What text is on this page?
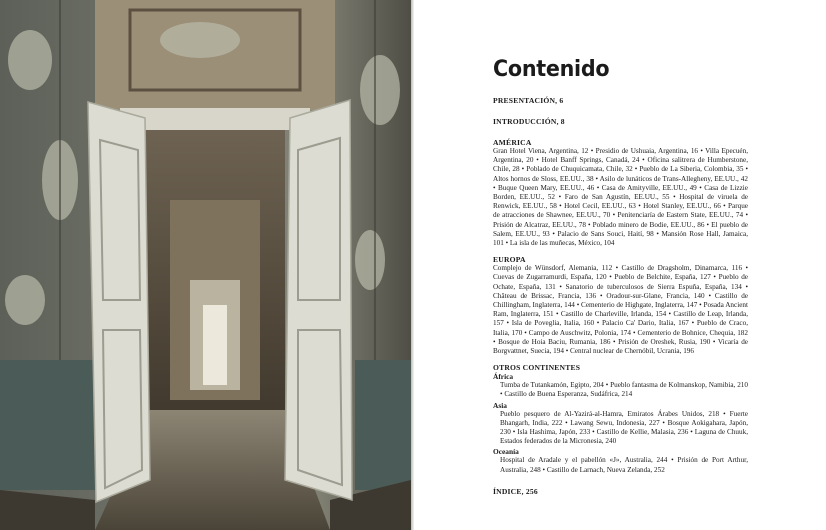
Contenido

PRESENTACIÓN, 6

INTRODUCCIÓN, 8

AMÉRICA

Gran Hotel Viena, Argentina, 12 • Presidio de Ushuaia, Argentina, 16 • Villa Epecuén, Argentina, 20 • Hotel Banff Springs, Canadá, 24 • Oficina salitrera de Humberstone, Chile, 28 • Poblado de Chuquicamata, Chile, 32 • Pueblo de La Siberia, Colombia, 35 • Altos hornos de Sloss, EE.UU., 38 • Asilo de lunáticos de Trans-Allegheny, EE.UU., 42 • Buque Queen Mary, EE.UU., 46 • Casa de Amityville, EE.UU., 49 • Casa de Lizzie Borden, EE.UU., 52 • Faro de San Agustín, EE.UU., 55 • Hospital de viruela de Renwick, EE.UU., 58 • Hotel Cecil, EE.UU., 63 • Hotel Stanley, EE.UU., 66 • Parque de atracciones de Shawnee, EE.UU., 70 • Penitenciaría de Eastern State, EE.UU., 74 • Prisión de Alcatraz, EE.UU., 78 • Poblado minero de Bodie, EE.UU., 86 • El pueblo de Salem, EE.UU., 93 • Palacio de Sans Souci, Haití, 98 • Mansión Rose Hall, Jamaica, 101 • La isla de las muñecas, México, 104

EUROPA

Complejo de Wünsdorf, Alemania, 112 • Castillo de Dragsholm, Dinamarca, 116 • Cuevas de Zugarramurdi, España, 120 • Pueblo de Belchite, España, 127 • Pueblo de Ochate, España, 131 • Sanatorio de tuberculosos de Sierra Espuña, España, 134 • Château de Brissac, Francia, 136 • Oradour-sur-Glane, Francia, 140 • Castillo de Chillingham, Inglaterra, 144 • Cementerio de Highgate, Inglaterra, 147 • Posada Ancient Ram, Inglaterra, 151 • Castillo de Charleville, Irlanda, 154 • Castillo de Leap, Irlanda, 157 • Isla de Poveglia, Italia, 160 • Palacio Ca' Dario, Italia, 167 • Pueblo de Craco, Italia, 170 • Campo de Auschwitz, Polonia, 174 • Cementerio de Bohnice, Chequia, 182 • Bosque de Hoia Baciu, Rumania, 186 • Prisión de Oreshek, Rusia, 190 • Vicaría de Borgvattnet, Suecia, 194 • Central nuclear de Chernóbil, Ucrania, 196

OTROS CONTINENTES

África

Tumba de Tutankamón, Egipto, 204 • Pueblo fantasma de Kolmanskop, Namibia, 210 • Castillo de Buena Esperanza, Sudáfrica, 214

Asia

Pueblo pesquero de Al-Yazirá-al-Hamra, Emiratos Árabes Unidos, 218 • Fuerte Bhangarh, India, 222 • Lawang Sewu, Indonesia, 227 • Bosque Aokigahara, Japón, 230 • Isla Hashima, Japón, 233 • Castillo de Kellie, Malasia, 236 • Laguna de Chuuk, Estados federados de la Micronesia, 240

Oceanía

Hospital de Aradale y el pabellón «J», Australia, 244 • Prisión de Port Arthur, Australia, 248 • Castillo de Larnach, Nueva Zelanda, 252

ÍNDICE, 256
